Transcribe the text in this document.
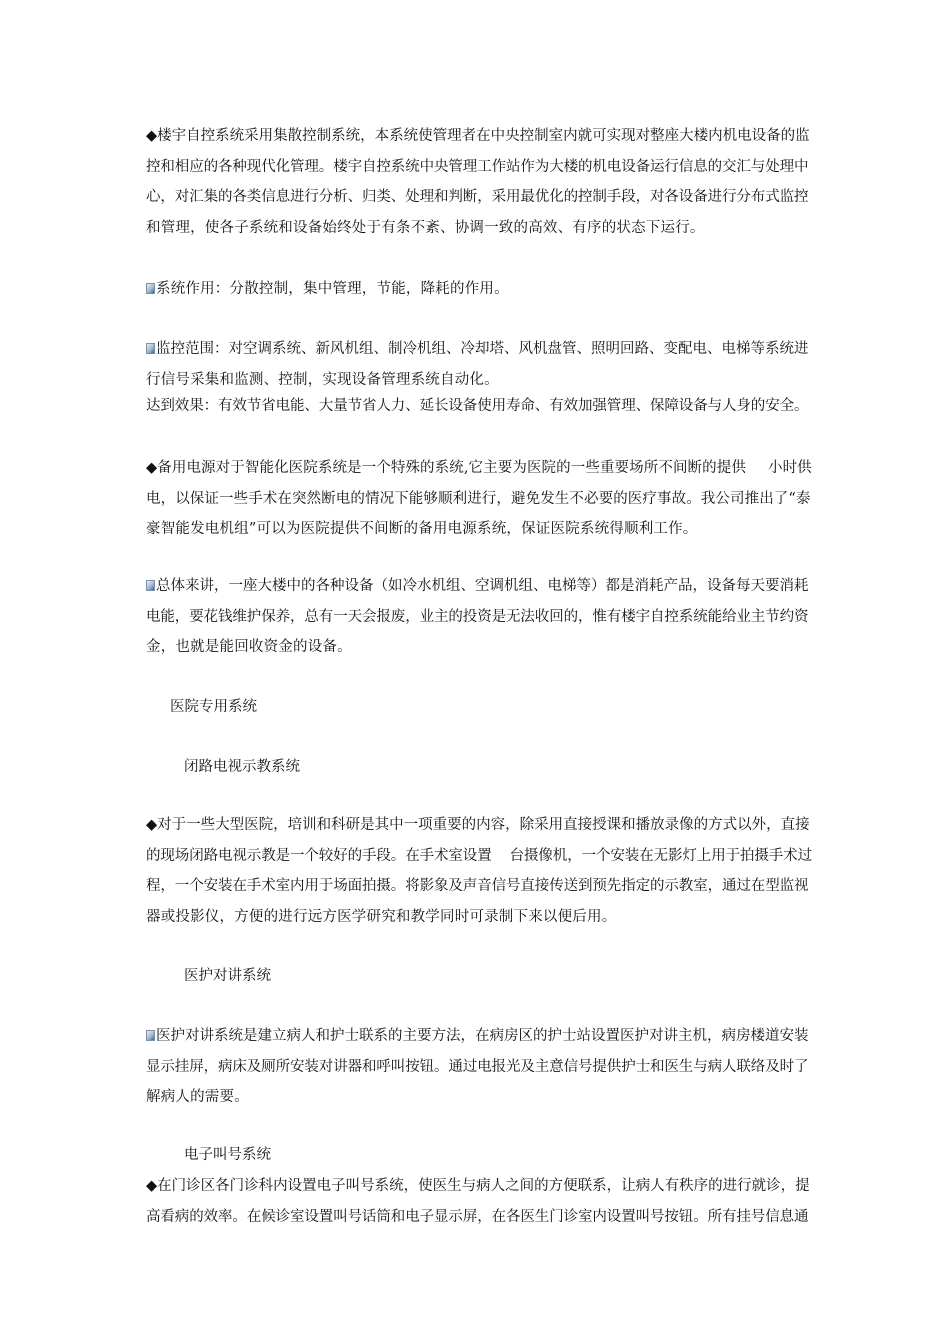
◆楼宇自控系统采用集散控制系统，本系统使管理者在中央控制室内就可实现对整座大楼内机电设备的监
控和相应的各种现代化管理。楼宇自控系统中央管理工作站作为大楼的机电设备运行信息的交汇与处理中
心，对汇集的各类信息进行分析、归类、处理和判断，采用最优化的控制手段，对各设备进行分布式监控
和管理，使各子系统和设备始终处于有条不紊、协调一致的高效、有序的状态下运行。

系统作用：分散控制，集中管理，节能，降耗的作用。

监控范围：对空调系统、新风机组、制冷机组、冷却塔、风机盘管、照明回路、变配电、电梯等系统进
行信号采集和监测、控制，实现设备管理系统自动化。
达到效果：有效节省电能、大量节省人力、延长设备使用寿命、有效加强管理、保障设备与人身的安全。

◆备用电源对于智能化医院系统是一个特殊的系统,它主要为医院的一些重要场所不间断的提供 小时供
电，以保证一些手术在突然断电的情况下能够顺利进行，避免发生不必要的医疗事故。我公司推出了“泰
豪智能发电机组”可以为医院提供不间断的备用电源系统，保证医院系统得顺利工作。

总体来讲，一座大楼中的各种设备（如冷水机组、空调机组、电梯等）都是消耗产品，设备每天要消耗
电能，要花钱维护保养，总有一天会报废，业主的投资是无法收回的，惟有楼宇自控系统能给业主节约资
金，也就是能回收资金的设备。

医院专用系统

闭路电视示教系统

◆对于一些大型医院，培训和科研是其中一项重要的内容，除采用直接授课和播放录像的方式以外，直接
的现场闭路电视示教是一个较好的手段。在手术室设置 台摄像机，一个安装在无影灯上用于拍摄手术过
程，一个安装在手术室内用于场面拍摄。将影象及声音信号直接传送到预先指定的示教室，通过在型监视
器或投影仪，方便的进行远方医学研究和教学同时可录制下来以便后用。

医护对讲系统

医护对讲系统是建立病人和护士联系的主要方法，在病房区的护士站设置医护对讲主机，病房楼道安装
显示挂屏，病床及厕所安装对讲器和呼叫按钮。通过电报光及主意信号提供护士和医生与病人联络及时了
解病人的需要。

电子叫号系统

◆在门诊区各门诊科内设置电子叫号系统，使医生与病人之间的方便联系，让病人有秩序的进行就诊，提
高看病的效率。在候诊室设置叫号话筒和电子显示屏，在各医生门诊室内设置叫号按钮。所有挂号信息通
